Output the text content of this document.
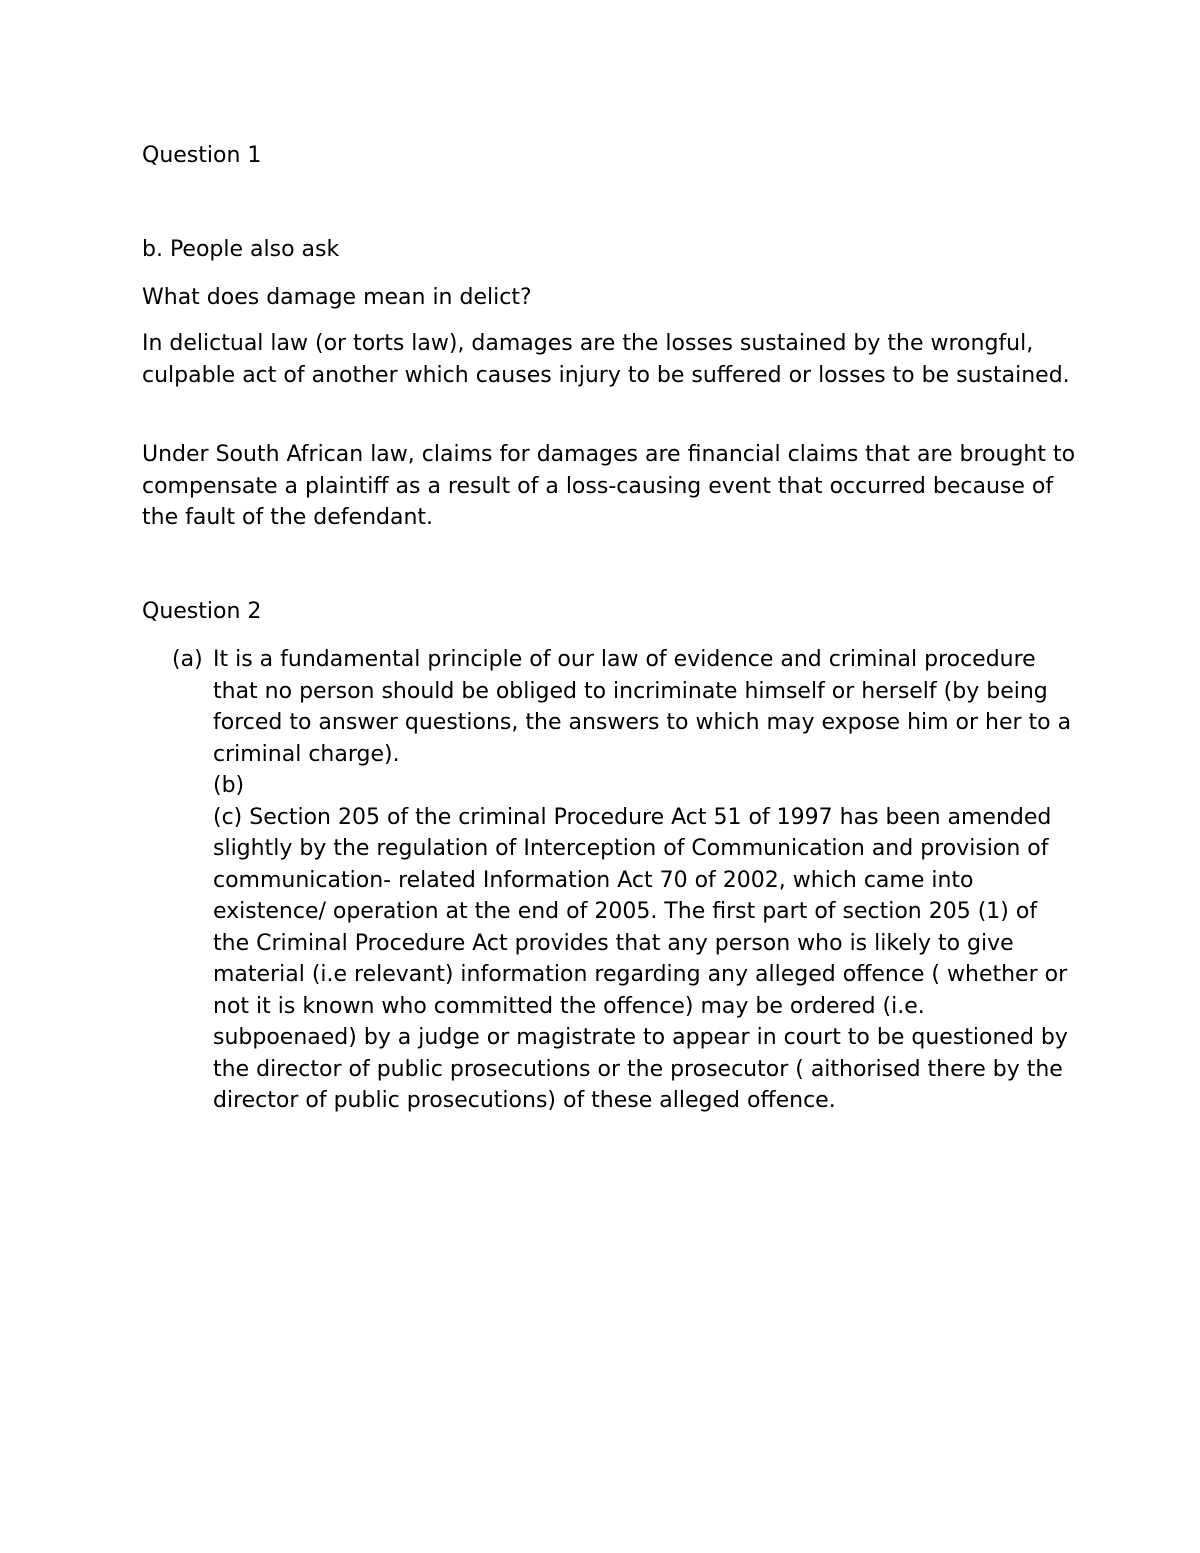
Question 1

b. People also ask

What does damage mean in delict?

In delictual law (or torts law), damages are the losses sustained by the wrongful, culpable act of another which causes injury to be suffered or losses to be sustained.

Under South African law, claims for damages are financial claims that are brought to compensate a plaintiff as a result of a loss-causing event that occurred because of the fault of the defendant.

Question 2

(a) It is a fundamental principle of our law of evidence and criminal procedure that no person should be obliged to incriminate himself or herself (by being forced to answer questions, the answers to which may expose him or her to a criminal charge).
(b)
(c) Section 205 of the criminal Procedure Act 51 of 1997 has been amended slightly by the regulation of Interception of Communication and provision of communication- related Information Act 70 of 2002, which came into existence/ operation at the end of 2005. The first part of section 205 (1) of the Criminal Procedure Act provides that any person who is likely to give material (i.e relevant) information regarding any alleged offence ( whether or not it is known who committed the offence) may be ordered (i.e. subpoenaed) by a judge or magistrate to appear in court to be questioned by the director of public prosecutions or the prosecutor ( aithorised there by the director of public prosecutions) of these alleged offence.
